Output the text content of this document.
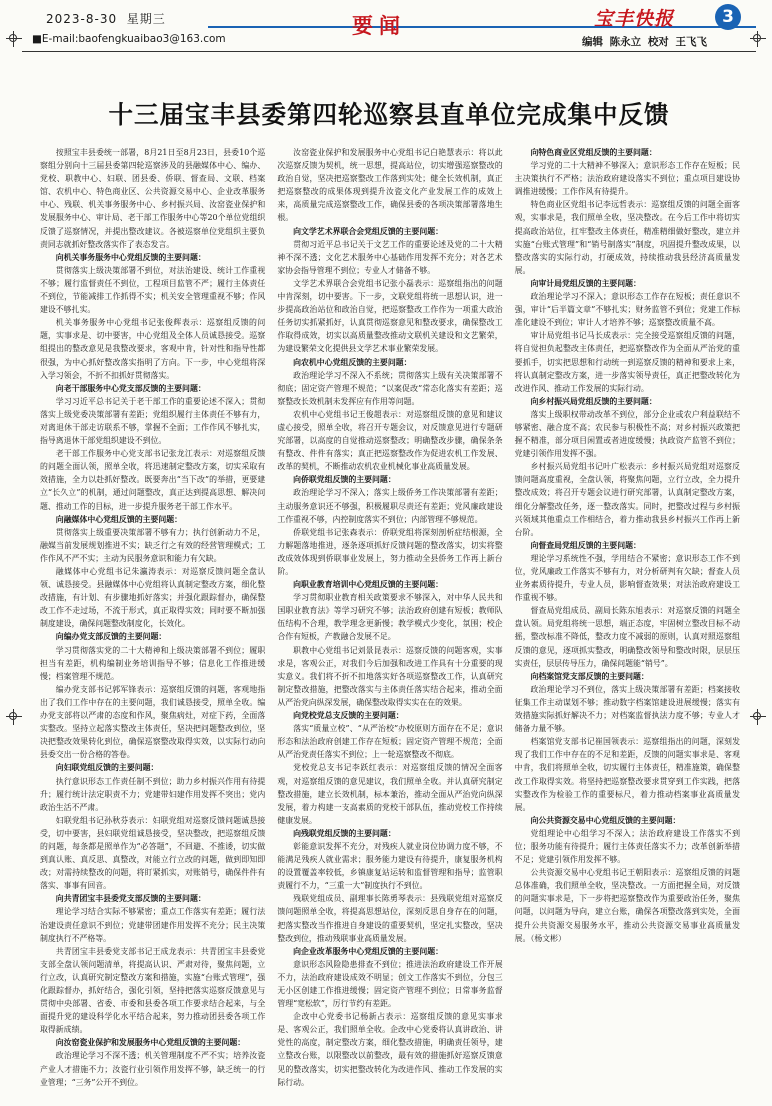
2023-8-30 星期三
■E-mail:baofengkuaibao3@163.com
要闻	宝丰快报	3
编辑 陈永立 校对 王飞飞
十三届宝丰县委第四轮巡察县直单位完成集中反馈

按照宝丰县委统一部署，8月21日至8月23日，县委10个巡察组分别向十三届县委第四轮巡察涉及的县融媒体中心、编办、党校、职教中心、妇联、团县委、侨联、督查局、文联、档案馆、农机中心、特色商业区、公共资源交易中心、企业改革服务中心、残联、机关事务服务中心、乡村振兴局、汝窑瓷业保护和发展服务中心、审计局、老干部工作服务中心等20个单位党组织反馈了巡察情况，并提出整改建议。各被巡察单位党组织主要负责同志就抓好整改落实作了表态发言。

向机关事务服务中心党组反馈的主要问题：

贯彻落实上级决策部署不到位，对法治建设、统计工作重视不够；履行监督责任不到位，工程项目监管不严；履行主体责任不到位，节能减排工作抓得不实；机关安全管理重视不够；作风建设不够扎实。

机关事务服务中心党组书记张俊辉表示：巡察组反馈的问题，实事求是、切中要害，中心党组及全体人员诚恳接受。巡察组提出的整改意见是我整改要求，客观中肯，针对性和指导性都很强，为中心抓好整改落实指明了方向。下一步，中心党组将深入学习领会，不折不扣抓好贯彻落实。

向老干部服务中心党支部反馈的主要问题：

学习习近平总书记关于老干部工作的重要论述不深入；贯彻落实上级党委决策部署有差距；党组织履行主体责任不够有力，对离退休干部走访联系不够，掌握不全面；工作作风不够扎实，指导离退休干部党组织建设不到位。

老干部工作服务中心党支部书记张龙江表示：对巡察组反馈的问题全面认领，照单全收，将迅速制定整改方案，切实采取有效措施，全力以赴抓好整改。既要奔出“当下改”的举措，更要建立“长久立”的机制，通过问题整改，真正达到提高思想、解决问题、推动工作的目标，进一步提升服务老干部工作水平。

向融媒体中心党组反馈的主要问题：

贯彻落实上级重要决策部署不够有力；执行创新动力不足，融媒当前发展规划推进不实；缺乏行之有效的经营管理模式；工作作风不严不实；主动为民服务意识和能力有欠缺。

融媒体中心党组书记朱瀛涛表示：对巡察反馈问题全盘认领、诚恳接受。县融媒体中心党组将认真制定整改方案，细化整改措施，有计划、有步骤地抓好落实；并强化跟踪督办，确保整改工作不走过场，不流于形式，真正取得实效；同时要不断加强制度建设，确保问题整改制度化，长效化。

向编办党支部反馈的主要问题：

学习贯彻落实党的二十大精神和上级决策部署不到位；履职担当有差距，机构编制业务培训指导不够；信息化工作推进缓慢；档案管理不规范。

编办党支部书记郭军锋表示：巡察组反馈的问题，客观地指出了我们工作中存在的主要问题，我们诚恳接受，照单全收。编办党支部将以严肃的态度和作风，聚焦病灶，对症下药，全面落实整改。坚持立起落实整改主体责任，坚决把问题整改到位，坚决把整改效果转化到位，确保巡察整改取得实效，以实际行动向县委交出一份合格的答卷。

向妇联党组反馈的主要问题：

执行意识形态工作责任制不到位；助力乡村振兴作用有待提升；履行统计法定职责不力；党建带妇建作用发挥不突出；党内政治生活不严肃。

妇联党组书记孙秋芬表示：妇联党组对巡察反馈问题诚恳接受，切中要害，县妇联党组诚恳接受，坚决整改，把巡察组反馈的问题，每条都是照单作为“必答题”，不回避、不推诿，切实做到真认账、真反思、真整改，对能立行立改的问题，做到即知即改；对需持续整改的问题，将盯紧抓实，对账销号，确保件件有落实、事事有回音。

向共青团宝丰县委党支部反馈的主要问题：

理论学习结合实际不够紧密；重点工作落实有差距；履行法治建设责任意识不到位；党建带团建作用发挥不充分；民主决策制度执行不严格等。

共青团宝丰县委党支部书记王成龙表示：共青团宝丰县委党支部全盘认领问题清单，将提高认识、严肃对待，聚焦问题，立行立改，认真研究制定整改方案和措施，实施“台账式管理”，强化跟踪督办，抓好结合，强化引领，坚持把落实巡察反馈意见与贯彻中央部署、省委、市委和县委各项工作要求结合起来，与全面提升党的建设科学化水平结合起来，努力推动团县委各项工作取得新成绩。

向汝窑瓷业保护和发展服务中心党组反馈的主要问题：

政治理论学习不深不透；机关管理制度不严不实；培养汝瓷产业人才措施不力；汝瓷行业引领作用发挥不够，缺乏统一的行业管理；“三务”公开不到位。

汝窑瓷业保护和发展服务中心党组书记白艳慧表示：将以此次巡察反馈为契机，统一思想，提高站位，切实增强巡察整改的政治自觉，坚决把巡察整改工作落到实处；健全长效机制，真正把巡察整改的成果体现到提升汝瓷文化产业发展工作的成效上来，高质量完成巡察整改工作，确保县委的各项决策部署落地生根。

向文学艺术界联合会党组反馈的主要问题：

贯彻习近平总书记关于文艺工作的重要论述及党的二十大精神不深不透；文化艺术服务中心基础作用发挥不充分；对各艺术家协会指导管理不到位；专业人才储备不够。

文学艺术界联合会党组书记张小磊表示：巡察组指出的问题中肯深刻，切中要害。下一步，文联党组将统一思想认识，进一步提高政治站位和政治自觉，把巡察整改工作作为一项重大政治任务切实抓紧抓好，认真贯彻巡察意见和整改要求，确保整改工作取得成效，切实以高质量整改推动文联机关建设和文艺繁荣，为建设繁荣文化提供县文学艺术事业繁荣发展。

向农机中心党组反馈的主要问题：

政治理论学习不深入不系统；贯彻落实上级有关决策部署不彻底；固定资产管理不规范；“以案促改”常态化落实有差距；巡察整改长效机制未发挥应有作用等问题。

农机中心党组书记王俊超表示：对巡察组反馈的意见和建议虚心接受，照单全收，将召开专题会议，对反馈意见进行专题研究部署，以高度的自觉推动巡察整改；明确整改步骤，确保条条有整改、件件有落实；真正把巡察整改作为促进农机工作发展、改革的契机，不断推动农机农业机械化事业高质量发展。

向侨联党组反馈的主要问题：

政治理论学习不深入；落实上级侨务工作决策部署有差距；主动服务意识还不够强，积极履职尽责还有差距；党风廉政建设工作重视不够，内控制度落实不到位；内部管理不够规范。

侨联党组书记张森表示：侨联党组将深刻剖析症结根源，全力解题落地推进，逐条逐项抓好反馈问题的整改落实，切实将整改成效体现到侨联事业发展上，努力推动全县侨务工作再上新台阶。

向职业教育培训中心党组反馈的主要问题：

学习贯彻职业教育相关政策要求不够深入，对中华人民共和国职业教育法》等学习研究不够；法治政府创建有短板；教师队伍结构不合理，教学理念更新慢；教学模式少变化，氛围；校企合作有短板，产教融合发展不足。

职教中心党组书记刘景昆表示：巡察反馈的问题客观，实事求是，客观公正，对我们今后加强和改进工作具有十分重要的现实意义。我们将不折不扣地落实好各项巡察整改工作，认真研究制定整改措施，把整改落实与主体责任落实结合起来，推动全面从严治党向纵深发展，确保整改取得实实在在的效果。

向党校党总支反馈的主要问题：

落实“质量立校”、“从严治校”办校原则方面存在不足；意识形态和法治政府创建工作存在短板；固定资产管理不规范；全面从严治党责任落实不到位；上一轮巡察整改不彻底。

党校党总支书记李跃红表示：对巡察组反馈的情况全面客观，对巡察组反馈的意见建议，我们照单全收。并认真研究制定整改措施，建立长效机制，标本兼治，推动全面从严治党向纵深发展，着力构建一支高素质的党校干部队伍，推动党校工作持续健康发展。

向残联党组反馈的主要问题：

彰能意识发挥不充分，对残疾人就业岗位协调力度不够，不能满足残疾人就业需求；服务能力建设有待提升，康复服务机构的设置覆盖率较低，乡镇康复站运转和监督管理和指导；监管职责履行不力，“三重一大”制度执行不到位。

残联党组成员、副理事长陈勇琴表示：县残联党组对巡察反馈问题照单全收，将提高思想站位，深刻反思自身存在的问题，把落实整改当作推进自身建设的重要契机，坚定扎实整改，坚决整改到位，推动残联事业高质量发展。

向企业改革服务中心党组反馈的主要问题：

意识形态风险隐患排查不到位；推进法治政府建设工作开展不力，法治政府建设成效不明显；创文工作落实不到位，分包三无小区创建工作推进缓慢；固定资产管理不到位；日常事务监督管理“宽松软”，厉行节约有差距。

企改中心党委书记杨新占表示：巡察组反馈的意见实事求是、客观公正，我们照单全收。企改中心党委将认真讲政治、讲党性的高度，制定整改方案，细化整改措施，明确责任领导，建立整改台账，以限整改以前整改，最有效的措施抓好巡察反馈意见的整改落实，切实把整改转化为改进作风、推动工作发展的实际行动。

向特色商业区党组反馈的主要问题：

学习党的二十大精神不够深入；意识形态工作存在短板；民主决策执行不严格；法治政府建设落实不到位；重点项目建设协调推进缓慢；工作作风有待提升。

特色商业区党组书记李远哲表示：巡察组反馈的问题全面客观，实事求是，我们照单全收，坚决整改。在今后工作中将切实提高政治站位，扛牢整改主体责任，精准精细做好整改，建立并实施“台账式管理”和“销号制落实”制度，巩固提升整改成果，以整改落实的实际行动，打硬成效，持续推动我县经济高质量发展。

向审计局党组反馈的主要问题：

政治理论学习不深入；意识形态工作存在短板；责任意识不强，审计“后半篇文章”不够扎实；财务监管不到位；党建工作标准化建设不到位；审计人才培养不够；巡察整改质量不高。

审计局党组书记马长成表示：完全接受巡察组反馈的问题，将自觉担负起整改主体责任，把巡察整改作为全面从严治党的重要抓手，切实把思想和行动统一到巡察反馈的精神和要求上来，将认真制定整改方案，进一步落实领导责任，真正把整改转化为改进作风、推动工作发展的实际行动。

向乡村振兴局党组反馈的主要问题：

落实上级职权带动改革不到位，部分企业或农户利益联结不够紧密、融合度不高；农民参与积极性不高；对乡村振兴政策把握不精准，部分项目闲置或者进度缓慢；执政资产监管不到位；党建引领作用发挥不强。

乡村振兴局党组书记叶广松表示：乡村振兴局党组对巡察反馈问题高度重视，全盘认领，将聚焦问题，立行立改，全力提升整改成效；将召开专题会议进行研究部署，认真制定整改方案，细化分解整改任务，逐一整改落实。同时，把整改过程与乡村振兴领域其他重点工作相结合，着力推动我县乡村振兴工作再上新台阶。

向督查局党组反馈的主要问题：

理论学习系统性不强，学用结合不紧密；意识形态工作不到位，党风廉政工作落实不够有力，对分析研判有欠缺；督查人员业务素质待提升，专业人员，影响督查效果；对法治政府建设工作重视不够。

督查局党组成员、副局长陈东旭表示：对巡察反馈的问题全盘认领。局党组将统一思想，端正态度，牢固树立整改目标不动摇，整改标准不降低，整改力度不减弱的原则，认真对照巡察组反馈的意见，逐项抓实整改，明确整改领导和整改时限，层层压实责任，层层传导压力，确保问题能“销号”。

向档案馆党支部反馈的主要问题：

政治理论学习不到位，落实上级决策部署有差距；档案接收征集工作主动谋划不够；推动数字档案馆建设进展缓慢；落实有效措施实际抓好解决不力；对档案监督执法力度不够；专业人才储备力量不够。

档案馆党支部书记崔国领表示：巡察组指出的问题，深刻发现了我们工作中存在的不足和差距，反馈的问题实事求是、客观中肯，我们将照单全收，切实履行主体责任，精准施策，确保整改工作取得实效。将坚持把巡察整改要求贯穿到工作实践，把落实整改作为检验工作的重要标尺，着力推动档案事业高质量发展。

向公共资源交易中心党组反馈的主要问题：

党组理论中心组学习不深入；法治政府建设工作落实不到位；服务功能有待提升；履行主体责任落实不力；改革创新举措不足；党建引领作用发挥不够。

公共资源交易中心党组书记王朝阳表示：巡察组反馈的问题总体准确，我们照单全收，坚决整改。一方面把握全局，对反馈的问题实事求是，下一步将把巡察整改作为重要政治任务，聚焦问题，以问题为导向，建立台账，确保各项整改落到实处，全面提升公共资源交易服务水平，推动公共资源交易事业高质量发展。（杨文彬）
